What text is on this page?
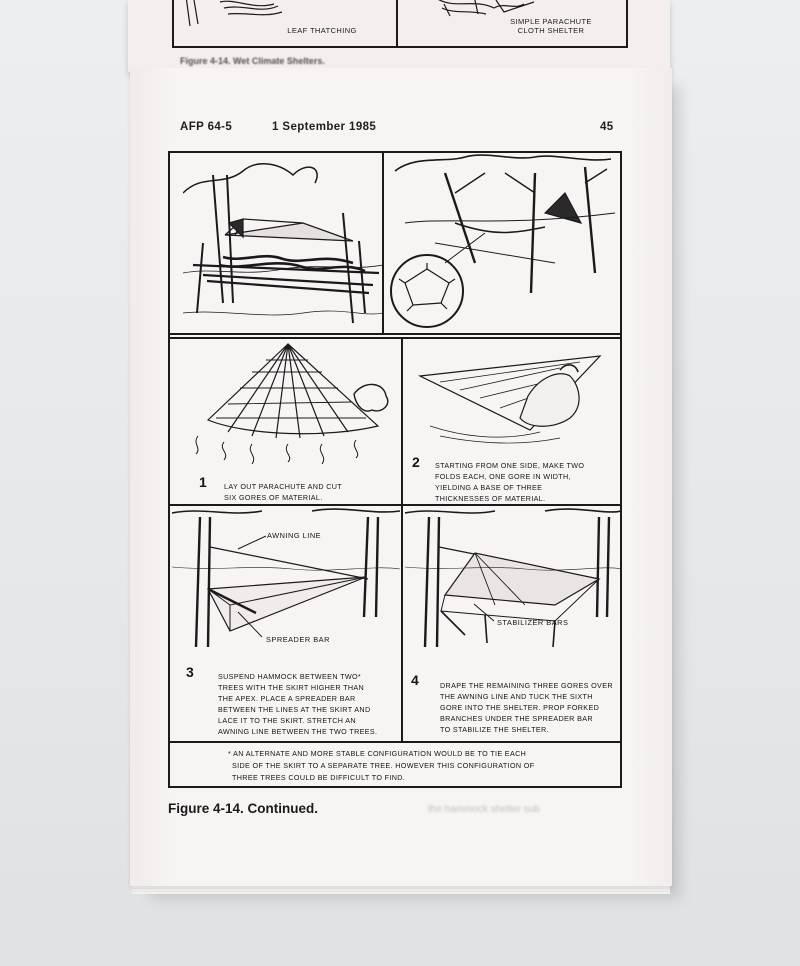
LEAF THATCHING
SIMPLE PARACHUTE
CLOTH SHELTER
Figure 4-14. Wet Climate Shelters.
AFP 64-5	1 September 1985	45
AWNING LINE
SPREADER BAR
STABILIZER BARS
1 LAY OUT PARACHUTE AND CUT

SIX GORES OF MATERIAL.

2 STARTING FROM ONE SIDE, MAKE TWO

FOLDS EACH, ONE GORE IN WIDTH,

YIELDING A BASE OF THREE

THICKNESSES OF MATERIAL.

3	SUSPEND HAMMOCK BETWEEN TWO*

TREES WITH THE SKIRT HIGHER THAN

THE APEX. PLACE A SPREADER BAR

BETWEEN THE LINES AT THE SKIRT AND

LACE IT TO THE SKIRT. STRETCH AN

AWNING LINE BETWEEN THE TWO TREES.

4	DRAPE THE REMAINING THREE GORES OVER

THE AWNING LINE AND TUCK THE SIXTH

GORE INTO THE SHELTER. PROP FORKED

BRANCHES UNDER THE SPREADER BAR

TO STABILIZE THE SHELTER.

* AN ALTERNATE AND MORE STABLE CONFIGURATION WOULD BE TO TIE EACH

SIDE OF THE SKIRT TO A SEPARATE TREE. HOWEVER THIS CONFIGURATION OF

THREE TREES COULD BE DIFFICULT TO FIND.

Figure 4-14. Continued.	the hammock shelter sub
